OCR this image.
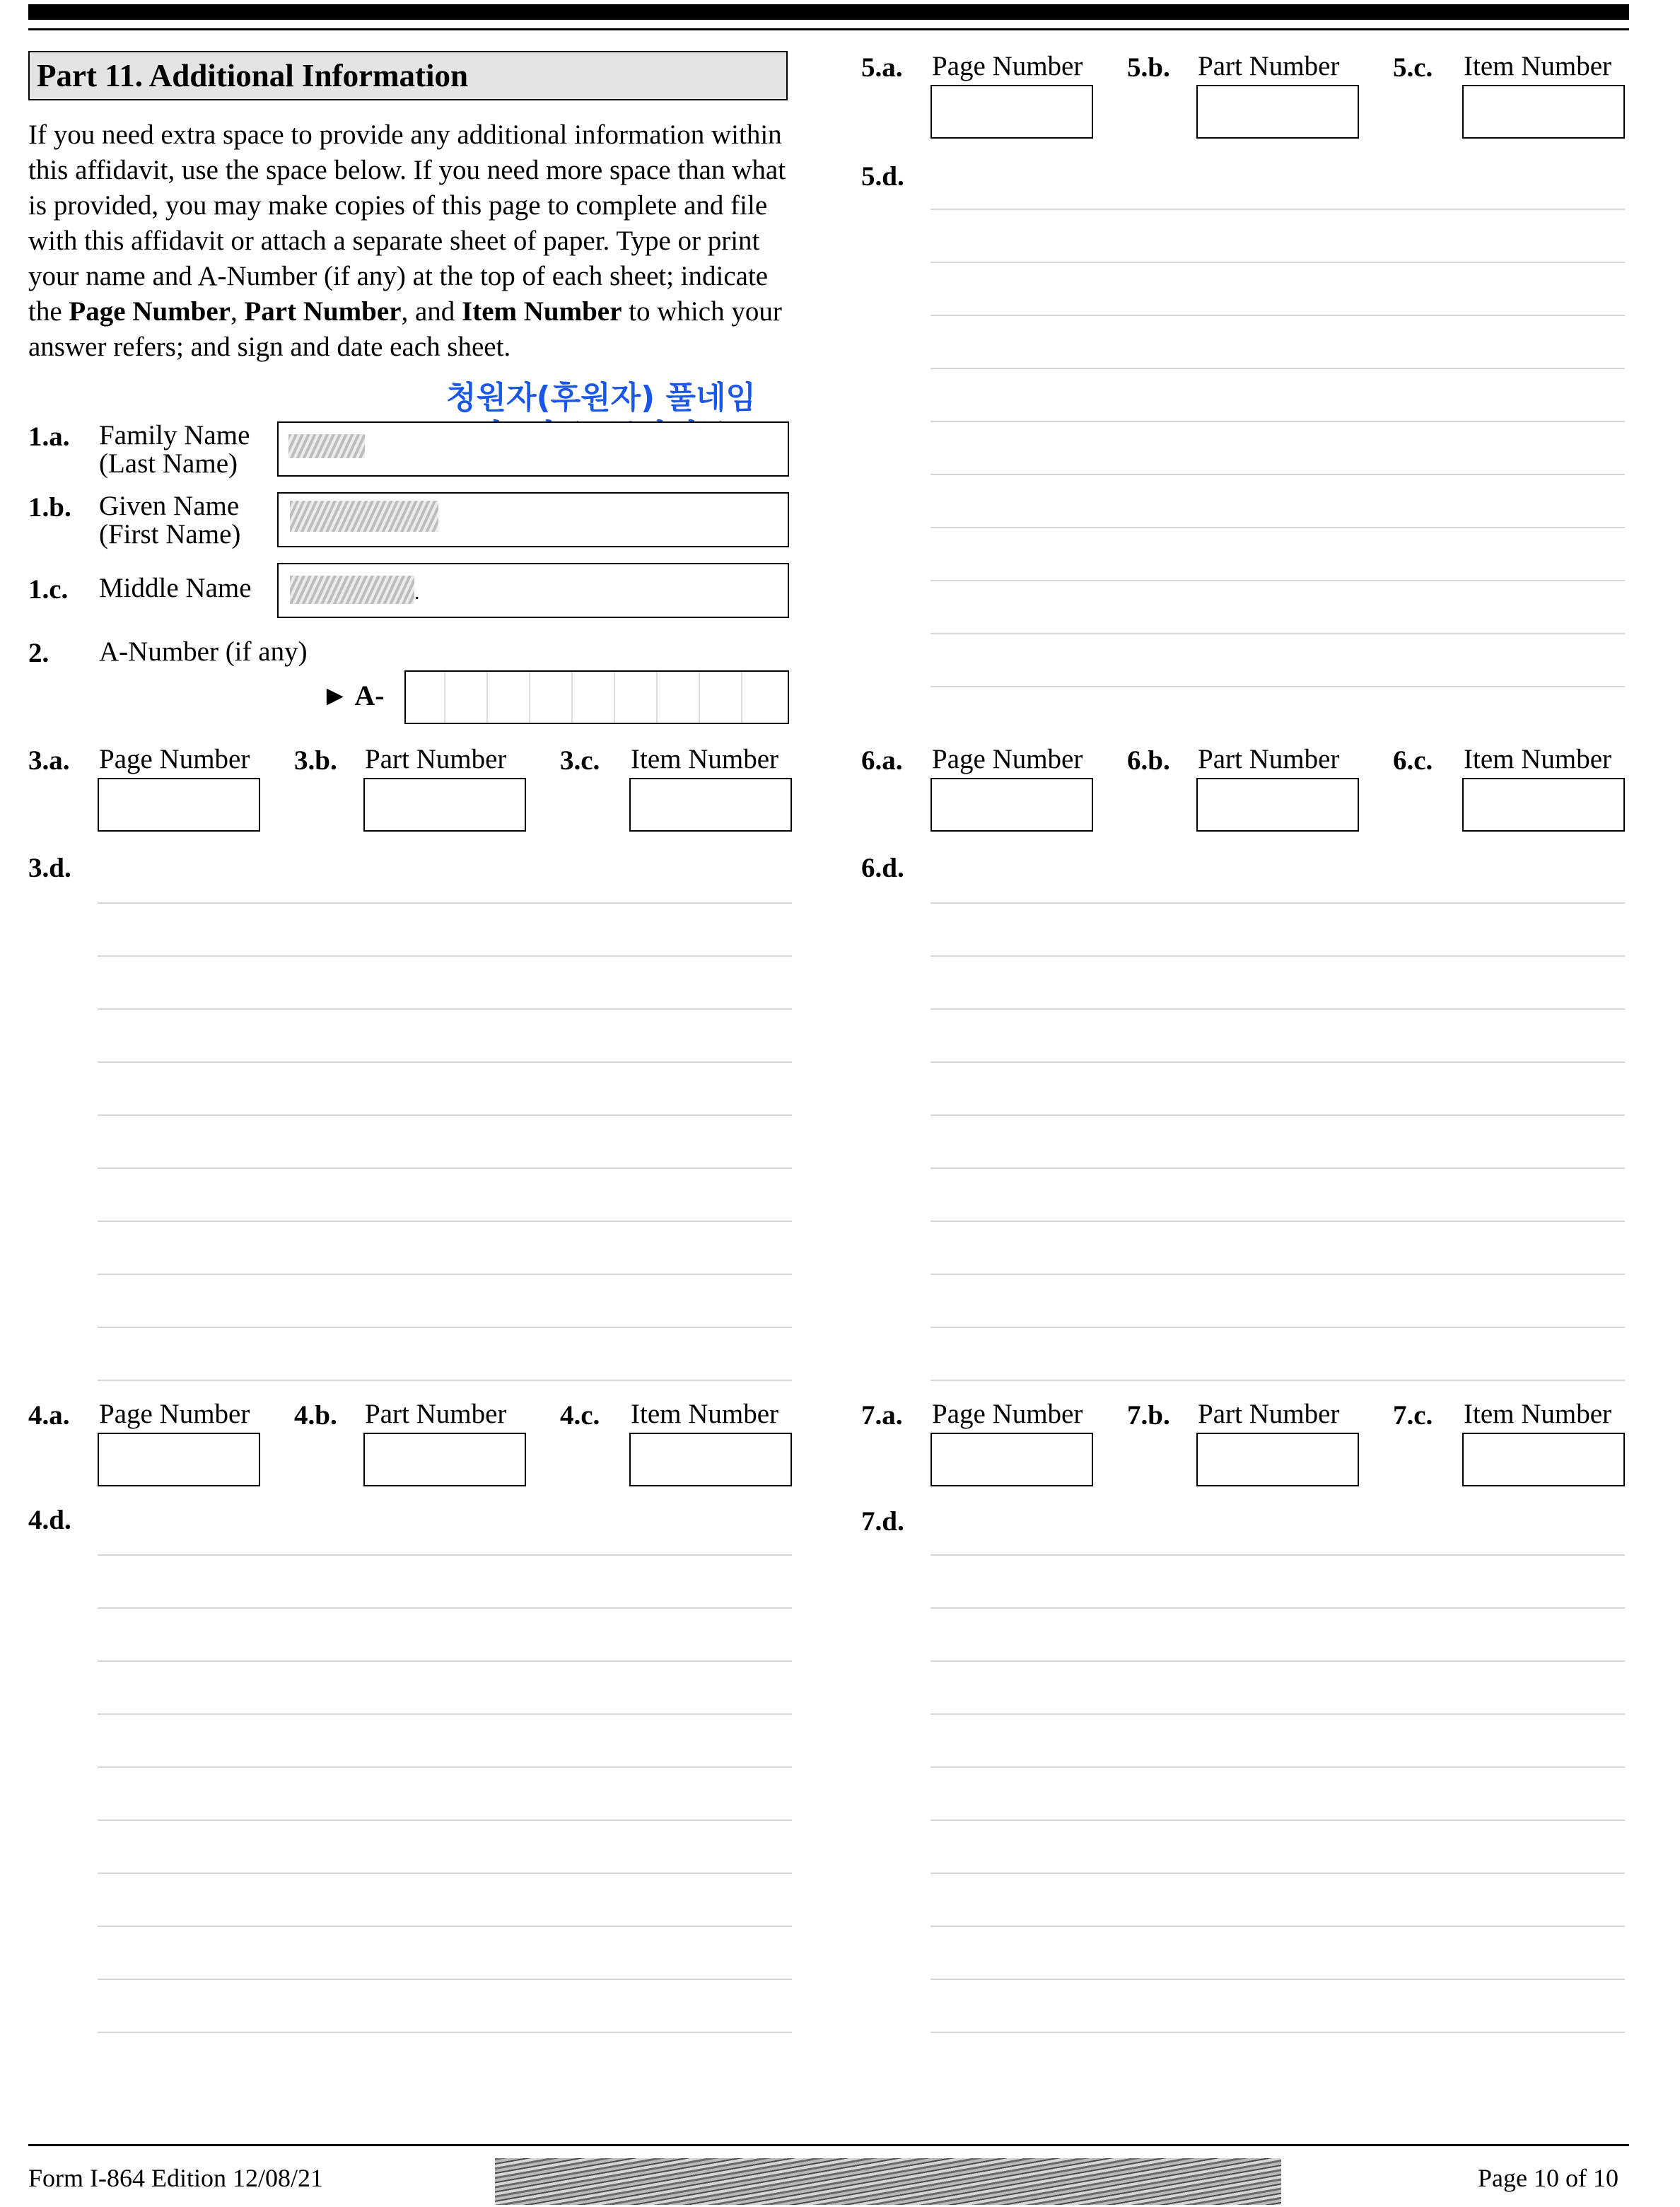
Part 11. Additional Information
If you need extra space to provide any additional information within this affidavit, use the space below. If you need more space than what is provided, you may make copies of this page to complete and file with this affidavit or attach a separate sheet of paper. Type or print your name and A-Number (if any) at the top of each sheet; indicate the Page Number, Part Number, and Item Number to which your answer refers; and sign and date each sheet.
청원자(후원자) 풀네임
1.a. Family Name
(Last Name)
1.b. Given Name
(First Name)
1.c. Middle Name	.
2. A-Number (if any)
► A-
3.a. Page Number 3.b. Part Number 3.c. Item Number
3.d.
4.a. Page Number 4.b. Part Number 4.c. Item Number
4.d.
5.a. Page Number 5.b. Part Number 5.c. Item Number
5.d.
6.a. Page Number 6.b. Part Number 6.c. Item Number
6.d.
7.a. Page Number 7.b. Part Number 7.c. Item Number
7.d.
Form I-864 Edition 12/08/21	Page 10 of 10
